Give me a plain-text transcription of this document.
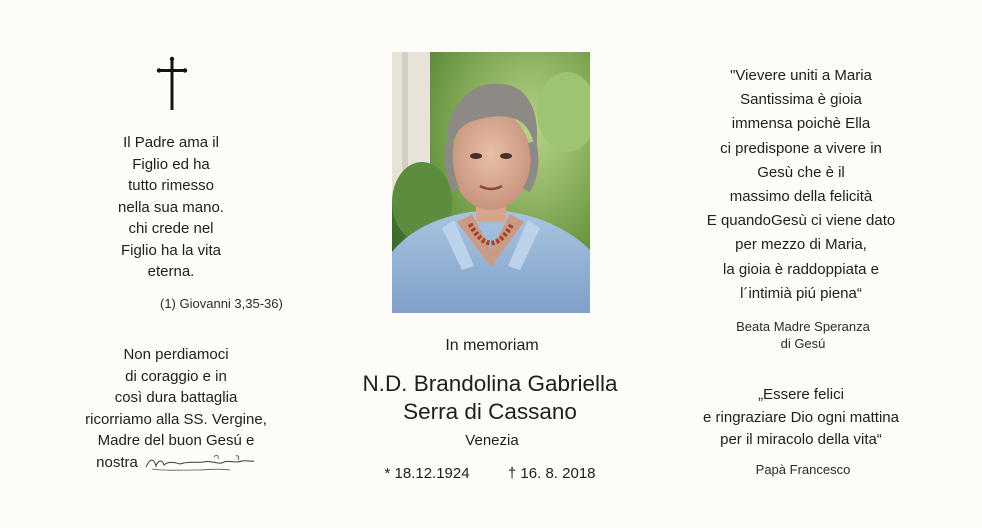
Il Padre ama il
Figlio ed ha
tutto rimesso
nella sua mano.
chi crede nel
Figlio ha la vita
eterna.
(1) Giovanni 3,35-36)
Non perdiamoci
di coraggio e in
così dura battaglia
ricorriamo alla SS. Vergine,
Madre del buon Gesú e
nostra
In memoriam
N.D. Brandolina Gabriella
Serra di Cassano
Venezia
* 18.12.1924	† 16. 8. 2018
"Vievere uniti a Maria
Santissima è gioia
immensa poichè Ella
ci predispone a vivere in
Gesù che è il
massimo della felicità
E quandoGesù ci viene dato
per mezzo di Maria,
la gioia è raddoppiata e
l´intimià piú piena“
Beata Madre Speranza
di Gesú
„Essere felici
e ringraziare Dio ogni mattina
per il miracolo della vita“
Papà Francesco
